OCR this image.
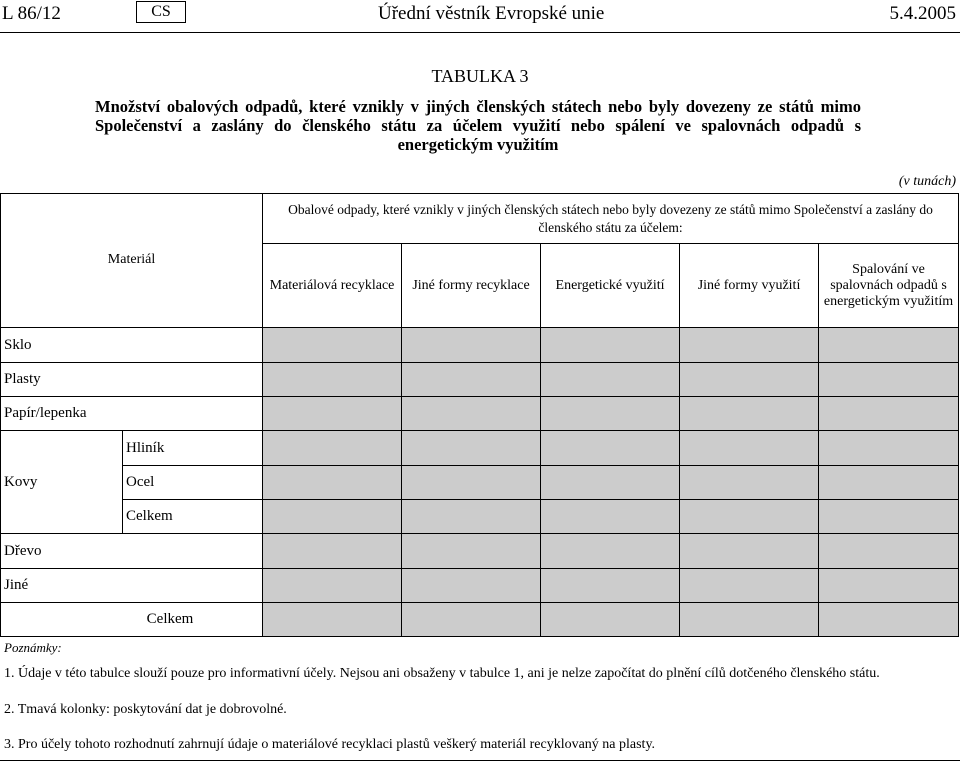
L 86/12	CS	Úřední věstník Evropské unie	5.4.2005
TABULKA 3
Množství obalových odpadů, které vznikly v jiných členských státech nebo byly dovezeny ze států mimo Společenství a zaslány do členského státu za účelem využití nebo spálení ve spalovnách odpadů s energetickým využitím
(v tunách)
Materiál		Obalové odpady, které vznikly v jiných členských státech nebo byly dovezeny ze států mimo Společenství a zaslány do členského státu za účelem:				
		Materiálová recyklace	Jiné formy recyklace	Energetické využití	Jiné formy využití	Spalování ve spalovnách odpadů s energetickým využitím
Sklo						
Plasty						
Papír/lepenka						
Kovy	Hliník					
	Ocel					
	Celkem					
Dřevo						
Jiné						
Celkem						
Poznámky:
1. Údaje v této tabulce slouží pouze pro informativní účely. Nejsou ani obsaženy v tabulce 1, ani je nelze započítat do plnění cílů dotčeného členského státu.
2. Tmavá kolonky: poskytování dat je dobrovolné.
3. Pro účely tohoto rozhodnutí zahrnují údaje o materiálové recyklaci plastů veškerý materiál recyklovaný na plasty.
